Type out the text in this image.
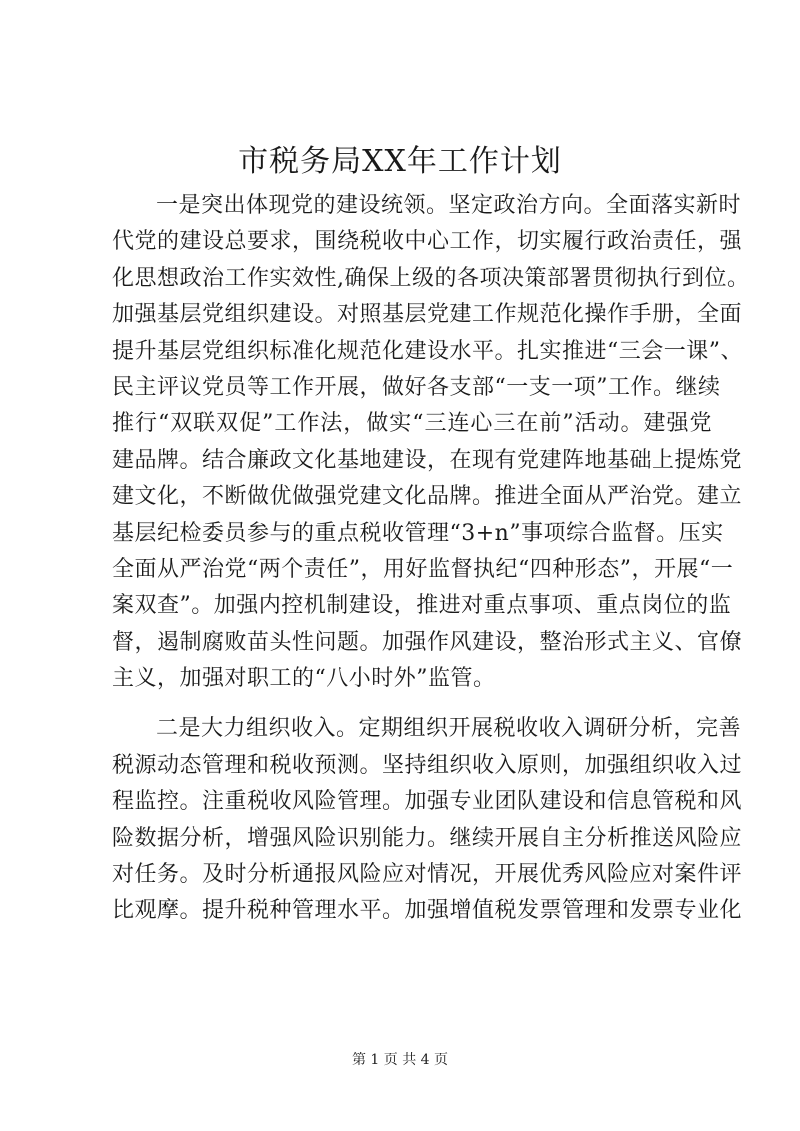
市税务局XX年工作计划
一是突出体现党的建设统领。坚定政治方向。全面落实新时
代党的建设总要求，围绕税收中心工作，切实履行政治责任，强
化思想政治工作实效性,确保上级的各项决策部署贯彻执行到位。
加强基层党组织建设。对照基层党建工作规范化操作手册，全面
提升基层党组织标准化规范化建设水平。扎实推进“三会一课”、
民主评议党员等工作开展，做好各支部“一支一项”工作。继续
推行“双联双促”工作法，做实“三连心三在前”活动。建强党
建品牌。结合廉政文化基地建设，在现有党建阵地基础上提炼党
建文化，不断做优做强党建文化品牌。推进全面从严治党。建立
基层纪检委员参与的重点税收管理“3+n”事项综合监督。压实
全面从严治党“两个责任”，用好监督执纪“四种形态”，开展“一
案双查”。加强内控机制建设，推进对重点事项、重点岗位的监
督，遏制腐败苗头性问题。加强作风建设，整治形式主义、官僚
主义，加强对职工的“八小时外”监管。
二是大力组织收入。定期组织开展税收收入调研分析，完善
税源动态管理和税收预测。坚持组织收入原则，加强组织收入过
程监控。注重税收风险管理。加强专业团队建设和信息管税和风
险数据分析，增强风险识别能力。继续开展自主分析推送风险应
对任务。及时分析通报风险应对情况，开展优秀风险应对案件评
比观摩。提升税种管理水平。加强增值税发票管理和发票专业化
第 1 页 共 4 页
